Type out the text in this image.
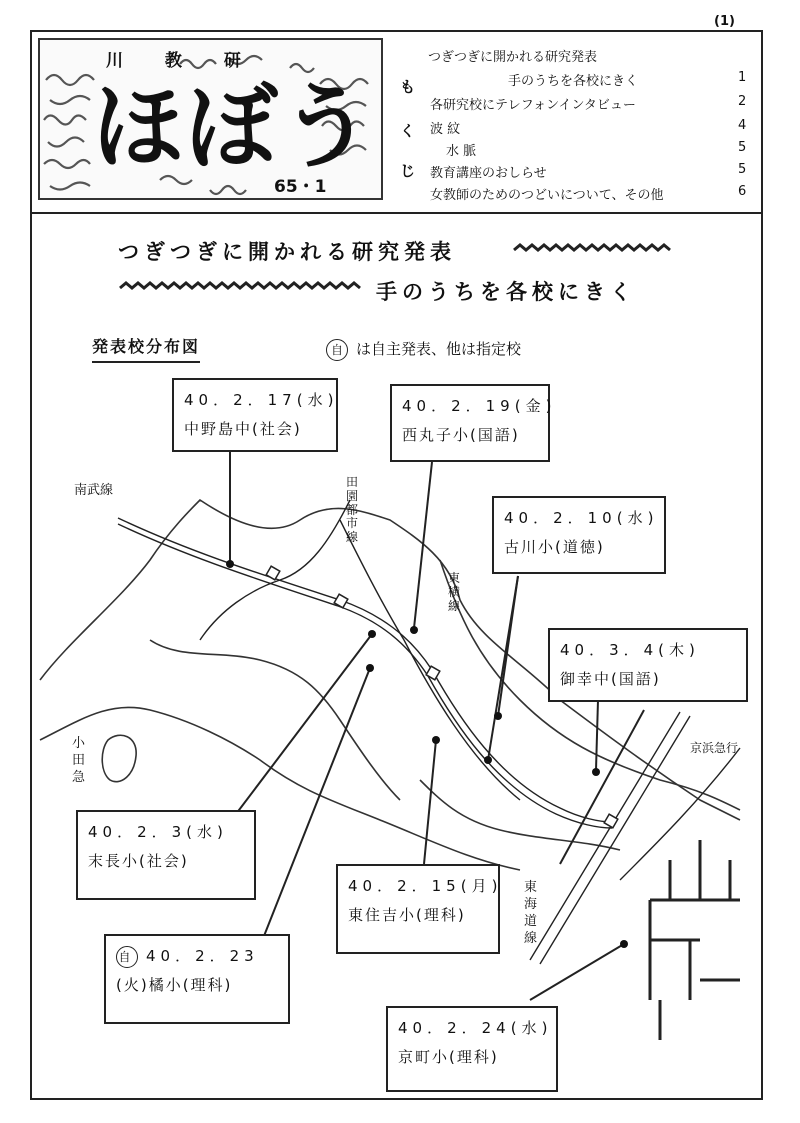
(1)
川 教 研
ほぼう
65・1
も
く
じ
つぎつぎに開かれる研究発表
手のうちを各校にきく	1
各研究校にテレフォンインタビュー	2
波 紋	4
水 脈	5
教育講座のおしらせ	5
女教師のためのつどいについて、その他	6
つぎつぎに開かれる研究発表
手のうちを各校にきく
発表校分布図	自 は自主発表、他は指定校
南武線
田
園
都
市
線
東
横
線
小
田
急
京浜急行
東
海
道
線
40．2．17(水)
中野島中(社会)
40．2．19(金)
西丸子小(国語)
40．2．10(水)
古川小(道徳)
40．3．4(木)
御幸中(国語)
40．2．3(水)
末長小(社会)
40．2．15(月)
東住吉小(理科)
自 40．2．23
(火)橘小(理科)
40．2．24(水)
京町小(理科)
